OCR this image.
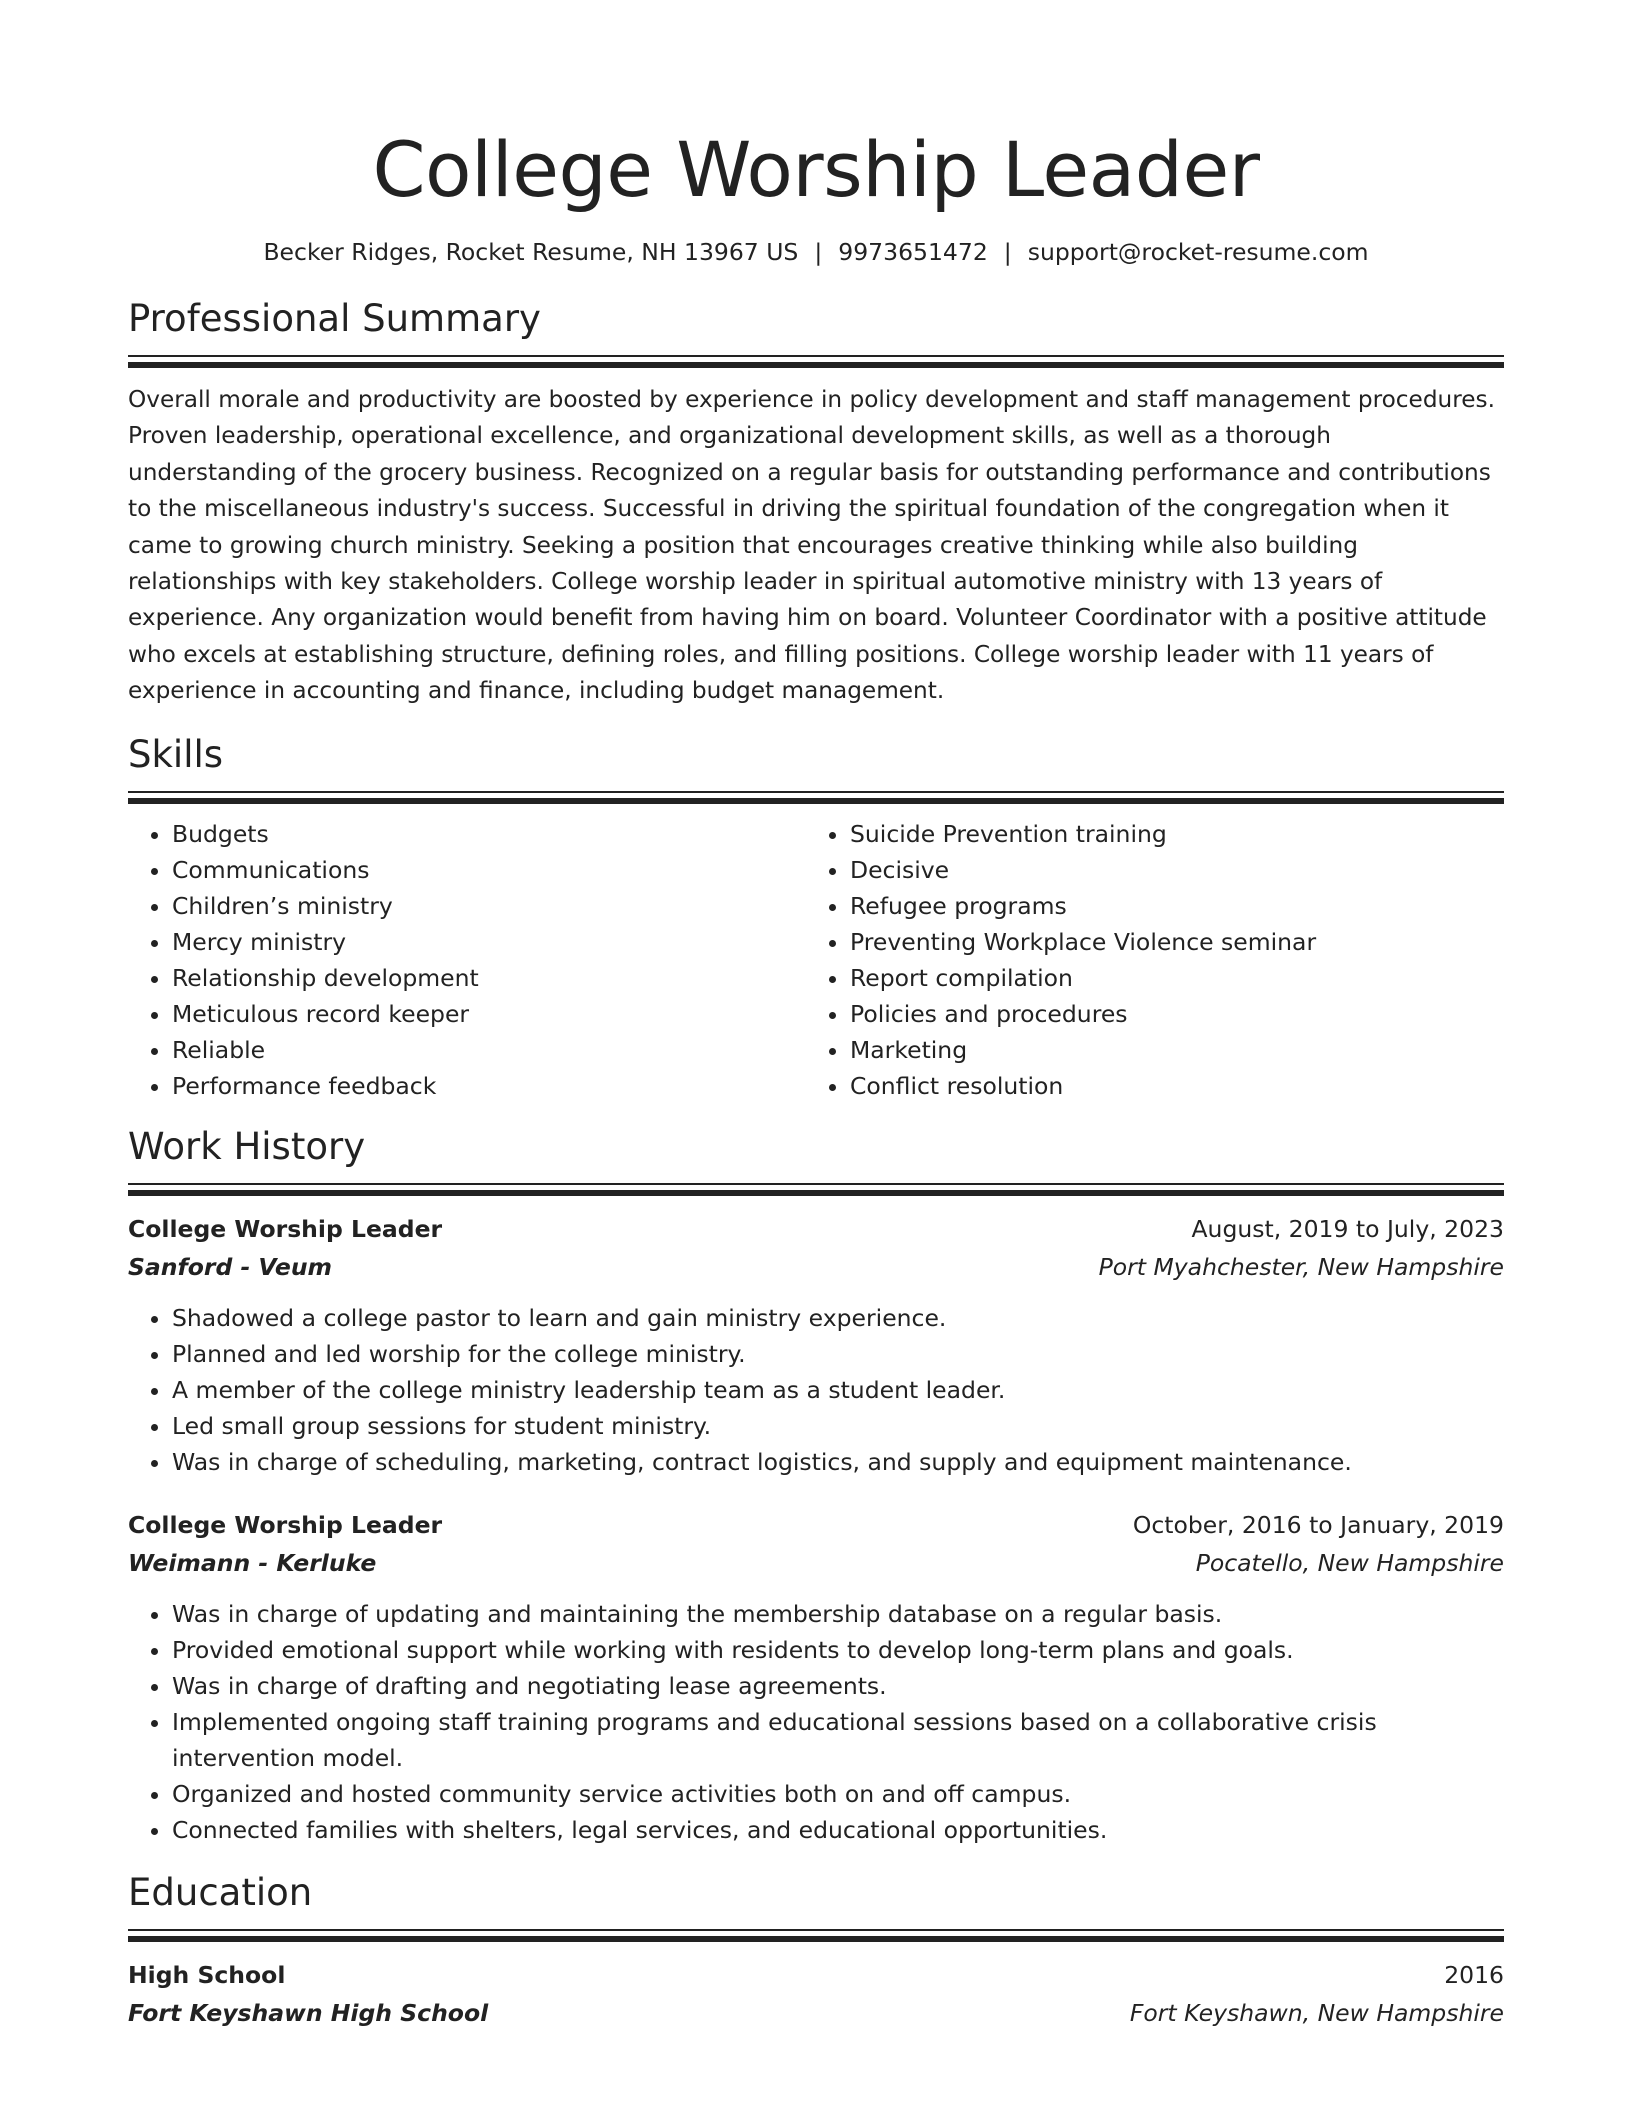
College Worship Leader
Becker Ridges, Rocket Resume, NH 13967 US | 9973651472 | support@rocket-resume.com
Professional Summary
Overall morale and productivity are boosted by experience in policy development and staff management procedures. Proven leadership, operational excellence, and organizational development skills, as well as a thorough understanding of the grocery business. Recognized on a regular basis for outstanding performance and contributions to the miscellaneous industry's success. Successful in driving the spiritual foundation of the congregation when it came to growing church ministry. Seeking a position that encourages creative thinking while also building relationships with key stakeholders. College worship leader in spiritual automotive ministry with 13 years of experience. Any organization would benefit from having him on board. Volunteer Coordinator with a positive attitude who excels at establishing structure, defining roles, and filling positions. College worship leader with 11 years of experience in accounting and finance, including budget management.
Skills
• Budgets
• Communications
• Children’s ministry
• Mercy ministry
• Relationship development
• Meticulous record keeper
• Reliable
• Performance feedback
• Suicide Prevention training
• Decisive
• Refugee programs
• Preventing Workplace Violence seminar
• Report compilation
• Policies and procedures
• Marketing
• Conflict resolution
Work History
College Worship Leader	August, 2019 to July, 2023
Sanford - Veum	Port Myahchester, New Hampshire
• Shadowed a college pastor to learn and gain ministry experience.
• Planned and led worship for the college ministry.
• A member of the college ministry leadership team as a student leader.
• Led small group sessions for student ministry.
• Was in charge of scheduling, marketing, contract logistics, and supply and equipment maintenance.
College Worship Leader	October, 2016 to January, 2019
Weimann - Kerluke	Pocatello, New Hampshire
• Was in charge of updating and maintaining the membership database on a regular basis.
• Provided emotional support while working with residents to develop long-term plans and goals.
• Was in charge of drafting and negotiating lease agreements.
• Implemented ongoing staff training programs and educational sessions based on a collaborative crisis intervention model.
• Organized and hosted community service activities both on and off campus.
• Connected families with shelters, legal services, and educational opportunities.
Education
High School	2016
Fort Keyshawn High School	Fort Keyshawn, New Hampshire
